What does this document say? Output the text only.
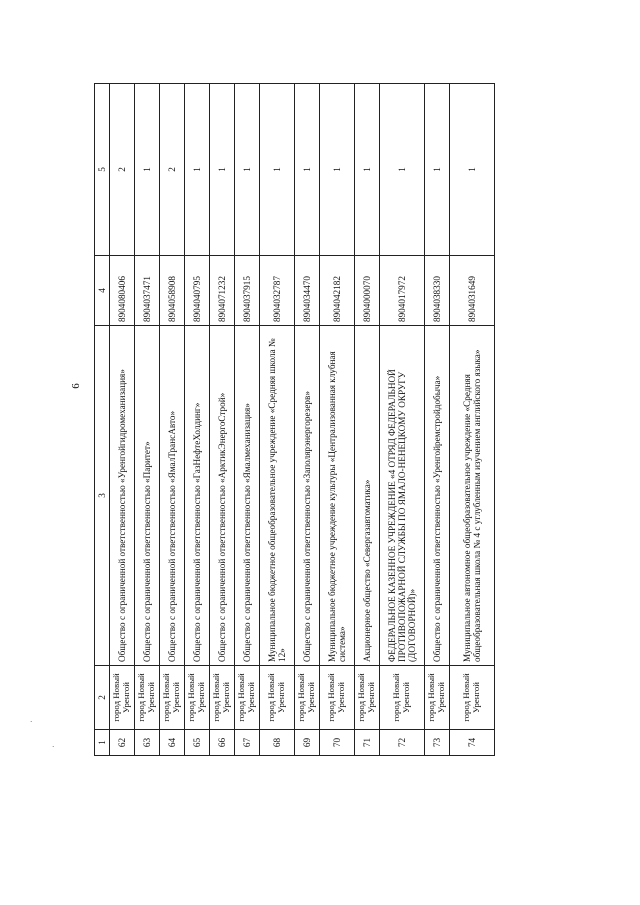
6
1	2	3	4	5
62	город Новый Уренгой	Общество с ограниченной ответственностью «Уренгойгидромеханизация»	8904080406	2
63	город Новый Уренгой	Общество с ограниченной ответственностью «Паритет»	8904037471	1
64	город Новый Уренгой	Общество с ограниченной ответственностью «ЯмалТрансАвто»	8904058908	2
65	город Новый Уренгой	Общество с ограниченной ответственностью «ГазНефтеХолдинг»	8904040795	1
66	город Новый Уренгой	Общество с ограниченной ответственностью «АрктикЭнергоСтрой»	8904071232	1
67	город Новый Уренгой	Общество с ограниченной ответственностью «Ямалмеханизация»	8904037915	1
68	город Новый Уренгой	Муниципальное бюджетное общеобразовательное учреждение «Средняя школа № 12»	8904032787	1
69	город Новый Уренгой	Общество с ограниченной ответственностью «Заполярэнергорезерв»	8904034470	1
70	город Новый Уренгой	Муниципальное бюджетное учреждение культуры «Централизованная клубная система»	8904042182	1
71	город Новый Уренгой	Акционерное общество «Севергазавтоматика»	8904000070	1
72	город Новый Уренгой	ФЕДЕРАЛЬНОЕ КАЗЕННОЕ УЧРЕЖДЕНИЕ «4 ОТРЯД ФЕДЕРАЛЬНОЙ ПРОТИВОПОЖАРНОЙ СЛУЖБЫ ПО ЯМАЛО-НЕНЕЦКОМУ ОКРУГУ (ДОГОВОРНОЙ)»	8904017972	1
73	город Новый Уренгой	Общество с ограниченной ответственностью «Уренгойремстройдобыча»	8904038330	1
74	город Новый Уренгой	Муниципальное автономное общеобразовательное учреждение «Средняя общеобразовательная школа № 4 с углубленным изучением английского языка»	8904031649	1
·
·
